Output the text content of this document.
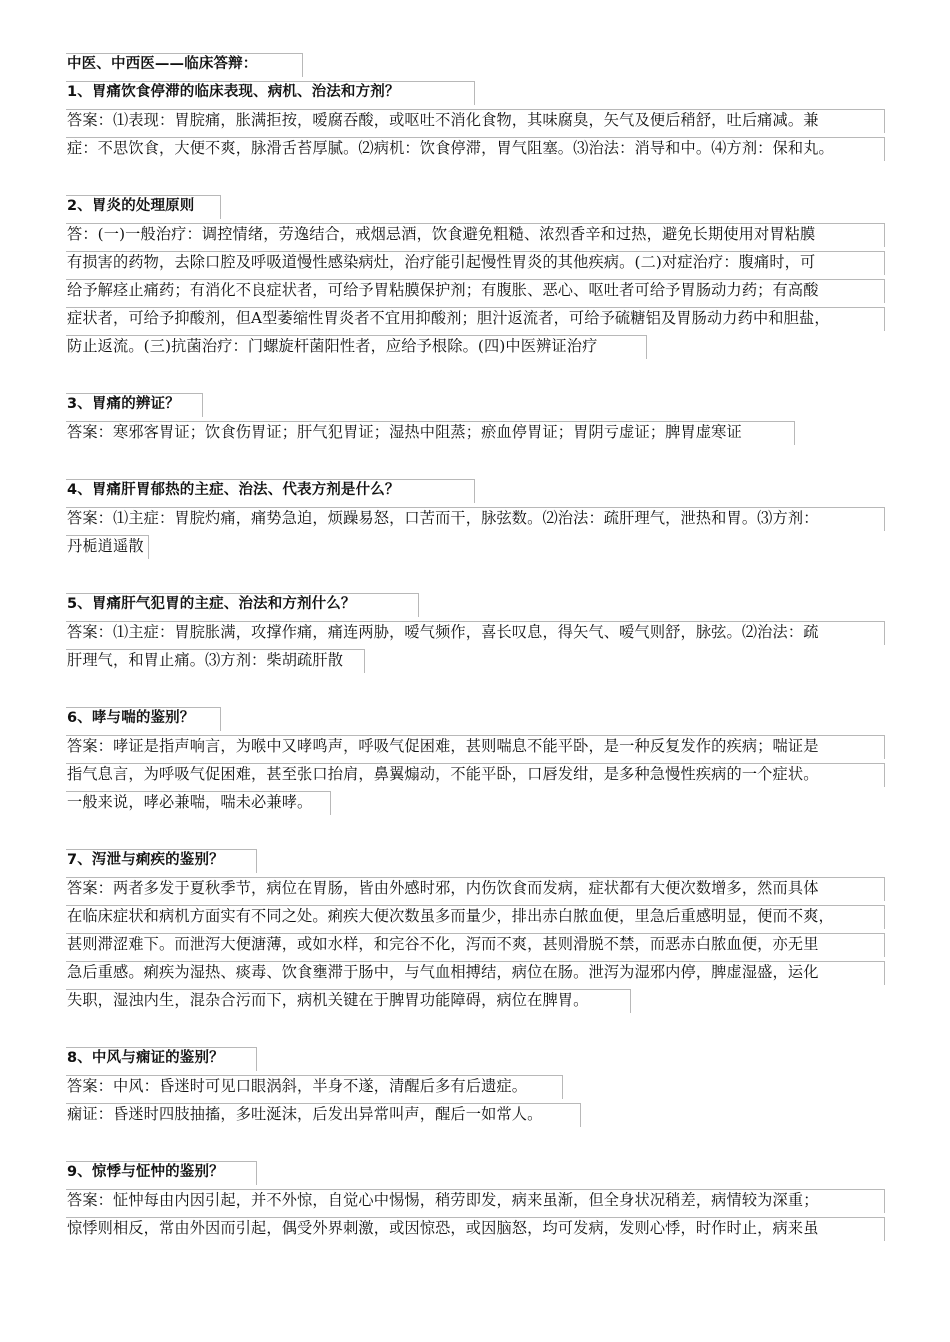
中医、中西医——临床答辩：
1、胃痛饮食停滞的临床表现、病机、治法和方剂？
答案：⑴表现：胃脘痛，胀满拒按，嗳腐吞酸，或呕吐不消化食物，其味腐臭，矢气及便后稍舒，吐后痛减。兼
症：不思饮食，大便不爽，脉滑舌苔厚腻。⑵病机：饮食停滞，胃气阻塞。⑶治法：消导和中。⑷方剂：保和丸。
2、胃炎的处理原则
答：(一)一般治疗：调控情绪，劳逸结合，戒烟忌酒，饮食避免粗糙、浓烈香辛和过热，避免长期使用对胃粘膜
有损害的药物，去除口腔及呼吸道慢性感染病灶，治疗能引起慢性胃炎的其他疾病。(二)对症治疗：腹痛时，可
给予解痉止痛药；有消化不良症状者，可给予胃粘膜保护剂；有腹胀、恶心、呕吐者可给予胃肠动力药；有高酸
症状者，可给予抑酸剂，但A型萎缩性胃炎者不宜用抑酸剂；胆汁返流者，可给予硫糖铝及胃肠动力药中和胆盐，
防止返流。(三)抗菌治疗：门螺旋杆菌阳性者，应给予根除。(四)中医辨证治疗
3、胃痛的辨证？
答案：寒邪客胃证；饮食伤胃证；肝气犯胃证；湿热中阻蒸；瘀血停胃证；胃阴亏虚证；脾胃虚寒证
4、胃痛肝胃郁热的主症、治法、代表方剂是什么？
答案：⑴主症：胃脘灼痛，痛势急迫，烦躁易怒，口苦而干，脉弦数。⑵治法：疏肝理气，泄热和胃。⑶方剂：
丹栀逍遥散
5、胃痛肝气犯胃的主症、治法和方剂什么？
答案：⑴主症：胃脘胀满，攻撑作痛，痛连两胁，嗳气频作，喜长叹息，得矢气、嗳气则舒，脉弦。⑵治法：疏
肝理气，和胃止痛。⑶方剂：柴胡疏肝散
6、哮与喘的鉴别？
答案：哮证是指声响言，为喉中又哮鸣声，呼吸气促困难，甚则喘息不能平卧，是一种反复发作的疾病；喘证是
指气息言，为呼吸气促困难，甚至张口抬肩，鼻翼煽动，不能平卧，口唇发绀，是多种急慢性疾病的一个症状。
一般来说，哮必兼喘，喘未必兼哮。
7、泻泄与痢疾的鉴别？
答案：两者多发于夏秋季节，病位在胃肠，皆由外感时邪，内伤饮食而发病，症状都有大便次数增多，然而具体
在临床症状和病机方面实有不同之处。痢疾大便次数虽多而量少，排出赤白脓血便，里急后重感明显，便而不爽，
甚则滞涩难下。而泄泻大便溏薄，或如水样，和完谷不化，泻而不爽，甚则滑脱不禁，而恶赤白脓血便，亦无里
急后重感。痢疾为湿热、痰毒、饮食壅滞于肠中，与气血相搏结，病位在肠。泄泻为湿邪内停，脾虚湿盛，运化
失职，湿浊内生，混杂合污而下，病机关键在于脾胃功能障碍，病位在脾胃。
8、中风与痫证的鉴别？
答案：中风：昏迷时可见口眼涡斜，半身不遂，清醒后多有后遗症。
痫证：昏迷时四肢抽搐，多吐涎沫，后发出异常叫声，醒后一如常人。
9、惊悸与怔忡的鉴别？
答案：怔忡每由内因引起，并不外惊，自觉心中惕惕，稍劳即发，病来虽渐，但全身状况稍差，病情较为深重；
惊悸则相反，常由外因而引起，偶受外界刺激，或因惊恐，或因脑怒，均可发病，发则心悸，时作时止，病来虽
